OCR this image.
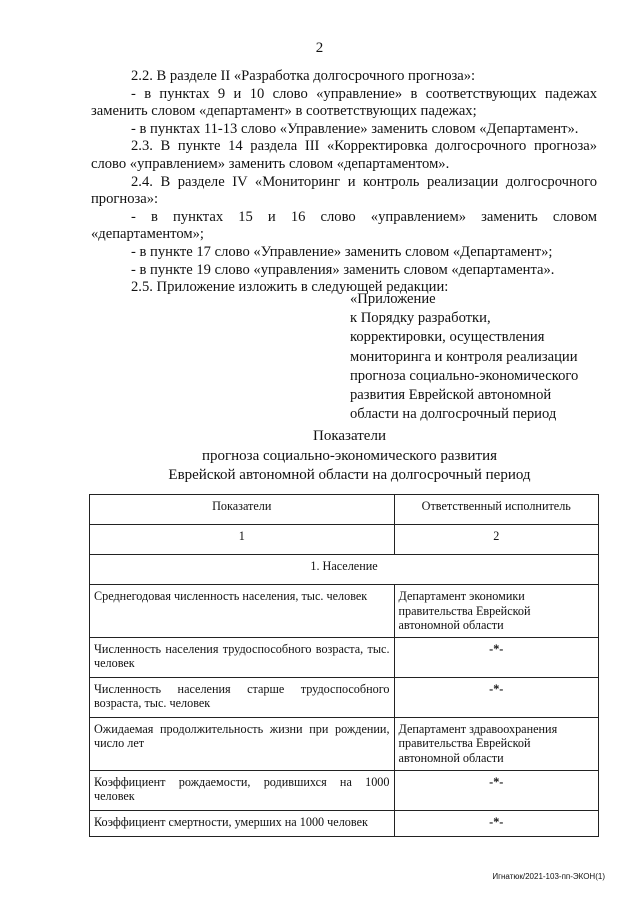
2

2.2. В разделе II «Разработка долгосрочного прогноза»:

- в пунктах 9 и 10 слово «управление» в соответствующих падежах заменить словом «департамент» в соответствующих падежах;

- в пунктах 11-13 слово «Управление» заменить словом «Департамент».

2.3. В пункте 14 раздела III «Корректировка долгосрочного прогноза» слово «управлением» заменить словом «департаментом».

2.4. В разделе IV «Мониторинг и контроль реализации долгосрочного прогноза»:

- в пунктах 15 и 16 слово «управлением» заменить словом «департаментом»;

- в пункте 17 слово «Управление» заменить словом «Департамент»;

- в пункте 19 слово «управления» заменить словом «департамента».

2.5. Приложение изложить в следующей редакции:

«Приложение
к Порядку разработки,
корректировки, осуществления
мониторинга и контроля реализации
прогноза социально-экономического
развития Еврейской автономной
области на долгосрочный период
Показатели
прогноза социально-экономического развития
Еврейской автономной области на долгосрочный период
Показатели	Ответственный исполнитель
1	2
1. Население	
Среднегодовая численность населения, тыс. человек	Департамент экономики правительства Еврейской автономной области
Численность населения трудоспособного возраста, тыс. человек	-*-
Численность населения старше трудоспособного возраста, тыс. человек	-*-
Ожидаемая продолжительность жизни при рождении, число лет	Департамент здравоохранения правительства Еврейской автономной области
Коэффициент рождаемости, родившихся на 1000 человек	-*-
Коэффициент смертности, умерших на 1000 человек	-*-
Игнатюк/2021-103-пп-ЭКОН(1)
